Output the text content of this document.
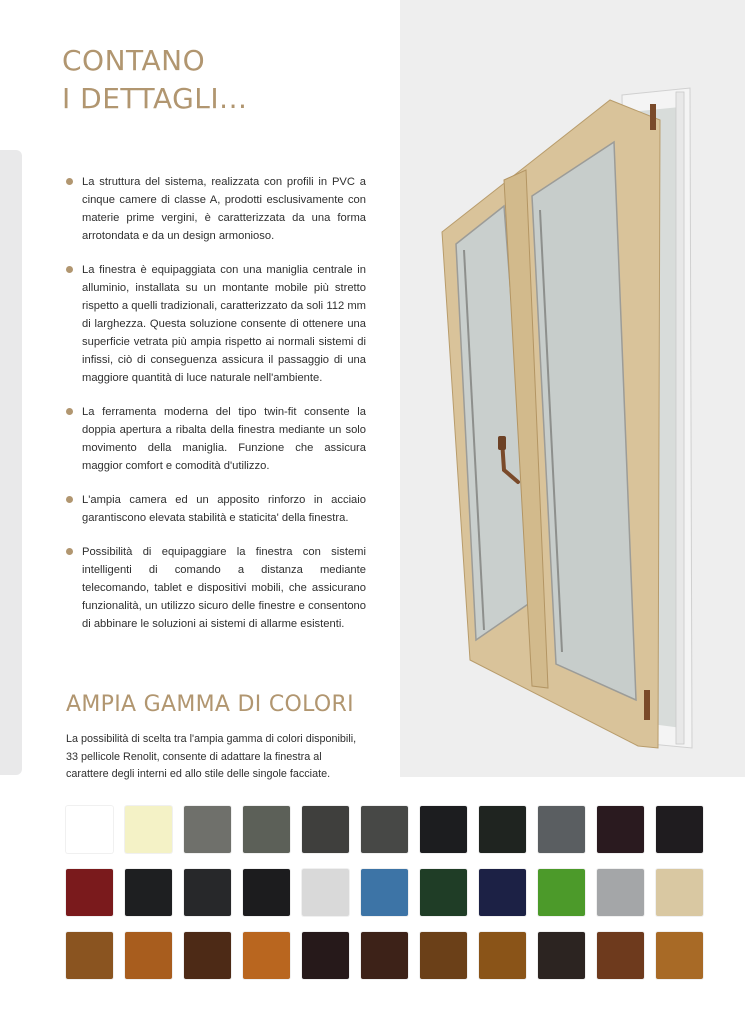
CONTANO
I DETTAGLI...
La struttura del sistema, realizzata con profili in PVC a cinque camere di classe A, prodotti esclusivamente con materie prime vergini, è caratterizzata da una forma arrotondata e da un design armonioso.
La finestra è equipaggiata con una maniglia centrale in alluminio, installata su un montante mobile più stretto rispetto a quelli tradizionali, caratterizzato da soli 112 mm di larghezza. Questa soluzione consente di ottenere una superficie vetrata più ampia rispetto ai normali sistemi di infissi, ciò di conseguenza assicura il passaggio di una maggiore quantità di luce naturale nell'ambiente.
La ferramenta moderna del tipo twin-fit consente la doppia apertura a ribalta della finestra mediante un solo movimento della maniglia. Funzione che assicura maggior comfort e comodità d'utilizzo.
L'ampia camera ed un apposito rinforzo in acciaio garantiscono elevata stabilità e staticita' della finestra.
Possibilità di equipaggiare la finestra con sistemi intelligenti di comando a distanza mediante telecomando, tablet e dispositivi mobili, che assicurano funzionalità, un utilizzo sicuro delle finestre e consentono di abbinare le soluzioni ai sistemi di allarme esistenti.
AMPIA GAMMA DI COLORI

La possibilità di scelta tra l'ampia gamma di colori disponibili, 33 pellicole Renolit, consente di adattare la finestra al carattere degli interni ed allo stile delle singole facciate.
